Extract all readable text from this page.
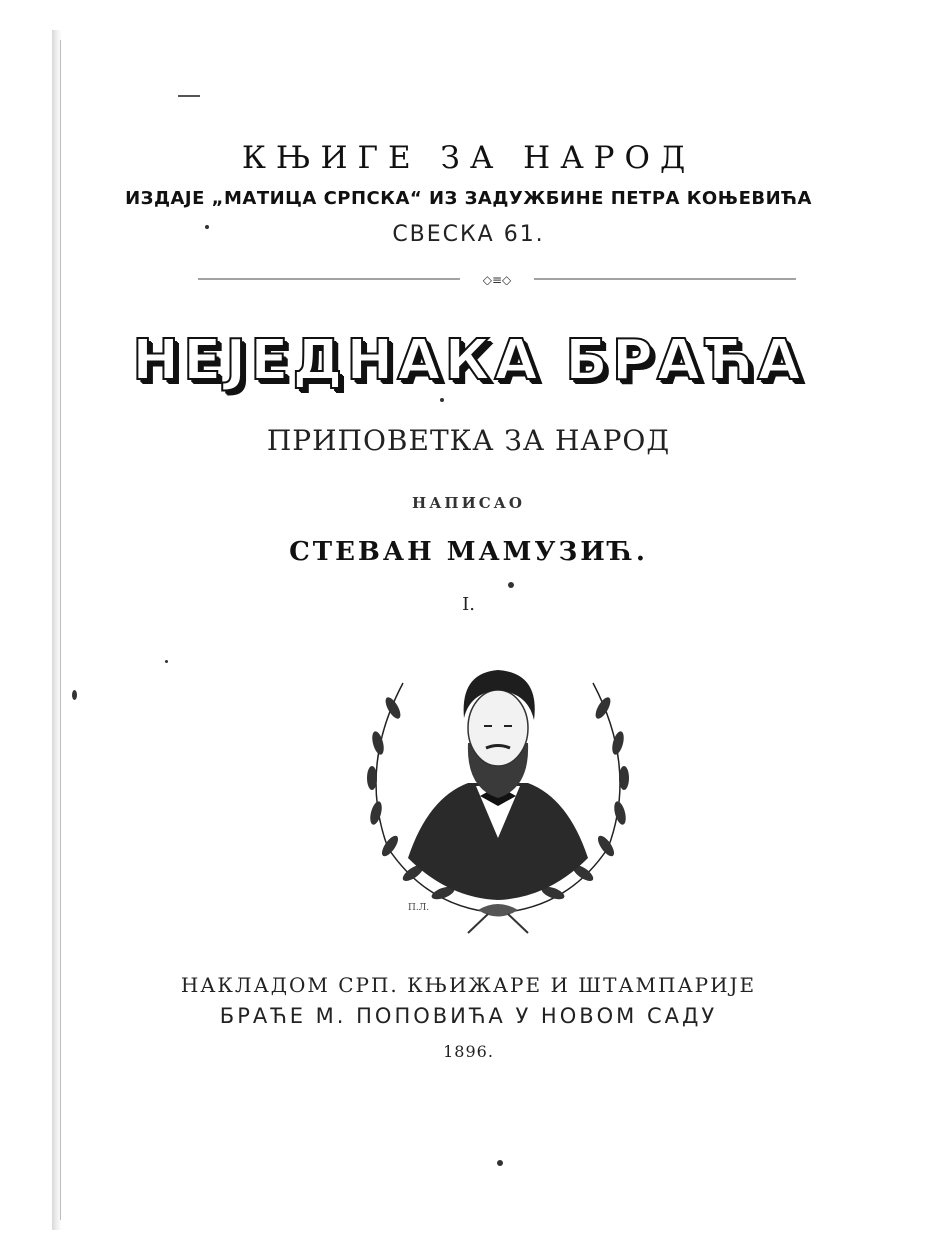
КЊИГЕ ЗА НАРОД
ИЗДАЈЕ „МАТИЦА СРПСКА“ ИЗ ЗАДУЖБИНЕ ПЕТРА КОЊЕВИЋА
СВЕСКА 61.
◇≡◇
НЕЈЕДНАКА БРАЋА
ПРИПОВЕТКА ЗА НАРОД
НАПИСАО
СТЕВАН МАМУЗИЋ.
I.
П.Л.
НАКЛАДОМ СРП. КЊИЖАРЕ И ШТАМПАРИЈЕ
БРАЋЕ М. ПОПОВИЋА У НОВОМ САДУ
1896.
